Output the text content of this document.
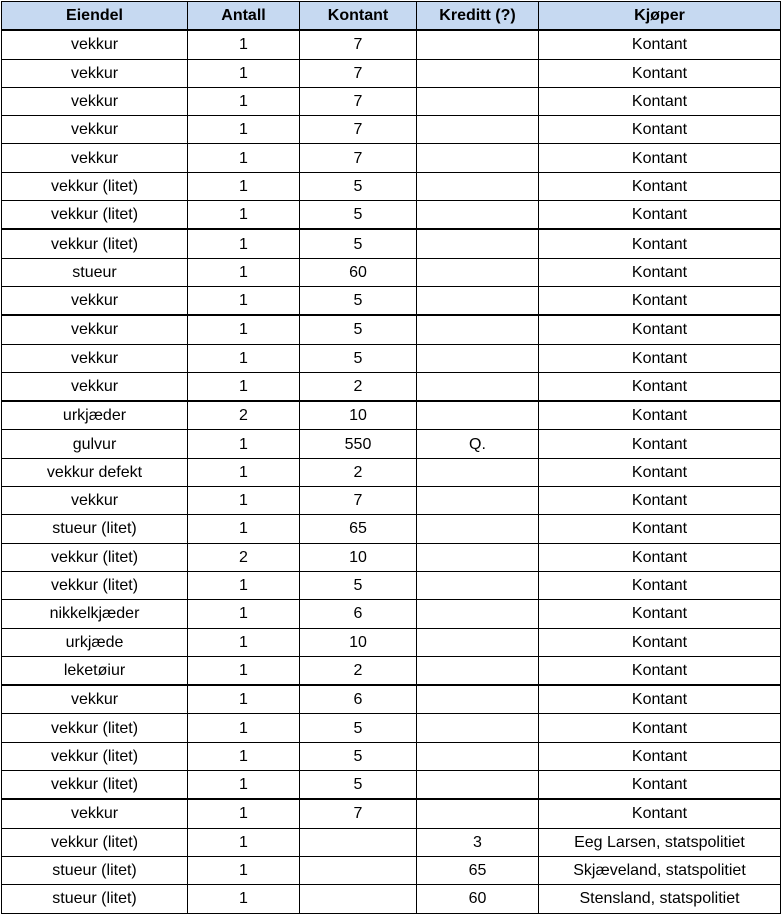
Eiendel	Antall	Kontant	Kreditt (?)	Kjøper
vekkur	1	7		Kontant
vekkur	1	7		Kontant
vekkur	1	7		Kontant
vekkur	1	7		Kontant
vekkur	1	7		Kontant
vekkur (litet)	1	5		Kontant
vekkur (litet)	1	5		Kontant
vekkur (litet)	1	5		Kontant
stueur	1	60		Kontant
vekkur	1	5		Kontant
vekkur	1	5		Kontant
vekkur	1	5		Kontant
vekkur	1	2		Kontant
urkjæder	2	10		Kontant
gulvur	1	550	Q.	Kontant
vekkur defekt	1	2		Kontant
vekkur	1	7		Kontant
stueur (litet)	1	65		Kontant
vekkur (litet)	2	10		Kontant
vekkur (litet)	1	5		Kontant
nikkelkjæder	1	6		Kontant
urkjæde	1	10		Kontant
leketøiur	1	2		Kontant
vekkur	1	6		Kontant
vekkur (litet)	1	5		Kontant
vekkur (litet)	1	5		Kontant
vekkur (litet)	1	5		Kontant
vekkur	1	7		Kontant
vekkur (litet)	1		3	Eeg Larsen, statspolitiet
stueur (litet)	1		65	Skjæveland, statspolitiet
stueur (litet)	1		60	Stensland, statspolitiet
